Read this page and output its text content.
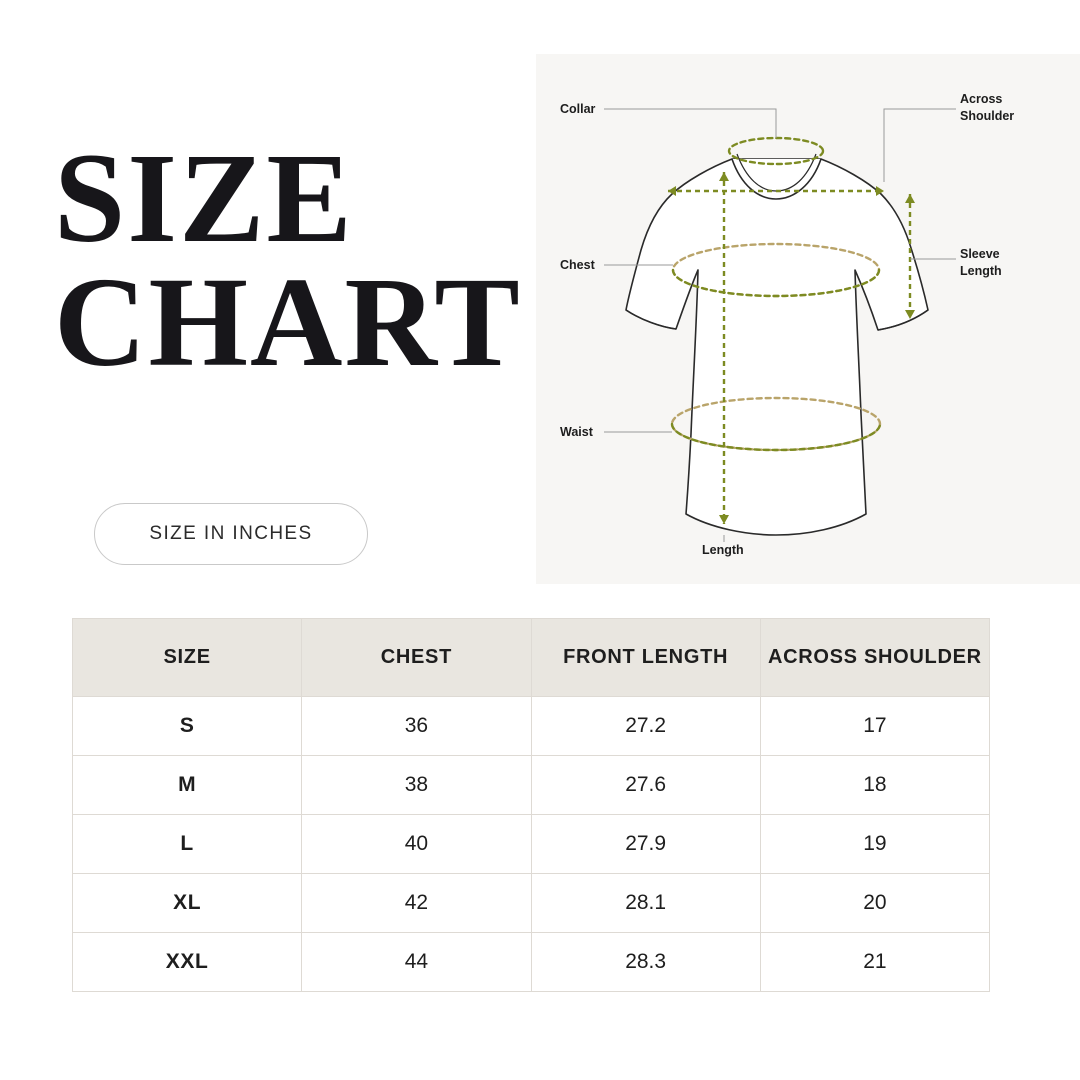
SIZE
CHART
SIZE IN INCHES
Collar
Chest
Waist
Across
Shoulder
Sleeve
Length
Length
SIZE	CHEST	FRONT LENGTH	ACROSS SHOULDER
S	36	27.2	17
M	38	27.6	18
L	40	27.9	19
XL	42	28.1	20
XXL	44	28.3	21
